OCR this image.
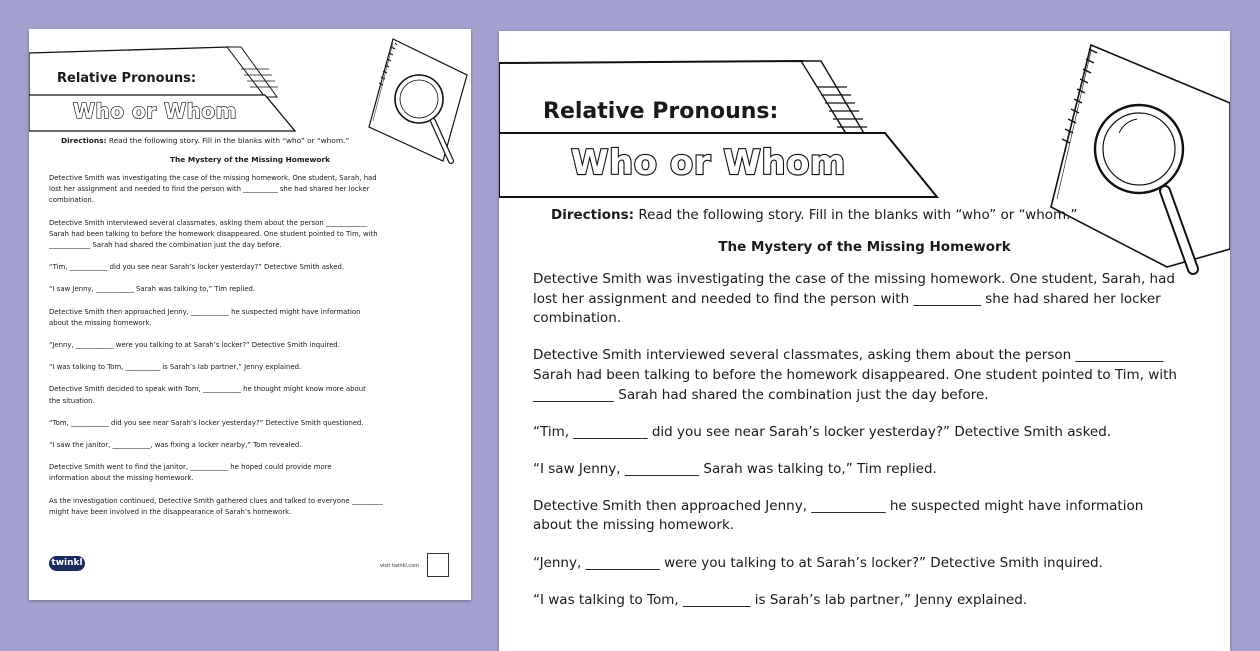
Relative Pronouns:
Who or Whom
Directions: Read the following story. Fill in the blanks with “who” or “whom.”
The Mystery of the Missing Homework
Detective Smith was investigating the case of the missing homework. One student, Sarah, had
lost her assignment and needed to find the person with __________ she had shared her locker
combination.
Detective Smith interviewed several classmates, asking them about the person ____________
Sarah had been talking to before the homework disappeared. One student pointed to Tim, with
____________ Sarah had shared the combination just the day before.
“Tim, ___________ did you see near Sarah’s locker yesterday?” Detective Smith asked.
“I saw Jenny, ___________ Sarah was talking to,” Tim replied.
Detective Smith then approached Jenny, ___________ he suspected might have information
about the missing homework.
“Jenny, ___________ were you talking to at Sarah’s locker?” Detective Smith inquired.
“I was talking to Tom, __________ is Sarah’s lab partner,” Jenny explained.
Detective Smith decided to speak with Tom, ___________ he thought might know more about
the situation.
“Tom, ___________ did you see near Sarah’s locker yesterday?” Detective Smith questioned.
“I saw the janitor, ___________, was fixing a locker nearby,” Tom revealed.
Detective Smith went to find the janitor, ___________ he hoped could provide more
information about the missing homework.
As the investigation continued, Detective Smith gathered clues and talked to everyone _________
might have been involved in the disappearance of Sarah’s homework.
twinkl	visit twinkl.com
Relative Pronouns:
Who or Whom
Directions: Read the following story. Fill in the blanks with “who” or “whom.”
The Mystery of the Missing Homework
Detective Smith was investigating the case of the missing homework. One student, Sarah, had
lost her assignment and needed to find the person with __________ she had shared her locker
combination.
Detective Smith interviewed several classmates, asking them about the person _____________
Sarah had been talking to before the homework disappeared. One student pointed to Tim, with
____________ Sarah had shared the combination just the day before.
“Tim, ___________ did you see near Sarah’s locker yesterday?” Detective Smith asked.
“I saw Jenny, ___________ Sarah was talking to,” Tim replied.
Detective Smith then approached Jenny, ___________ he suspected might have information
about the missing homework.
“Jenny, ___________ were you talking to at Sarah’s locker?” Detective Smith inquired.
“I was talking to Tom, __________ is Sarah’s lab partner,” Jenny explained.
